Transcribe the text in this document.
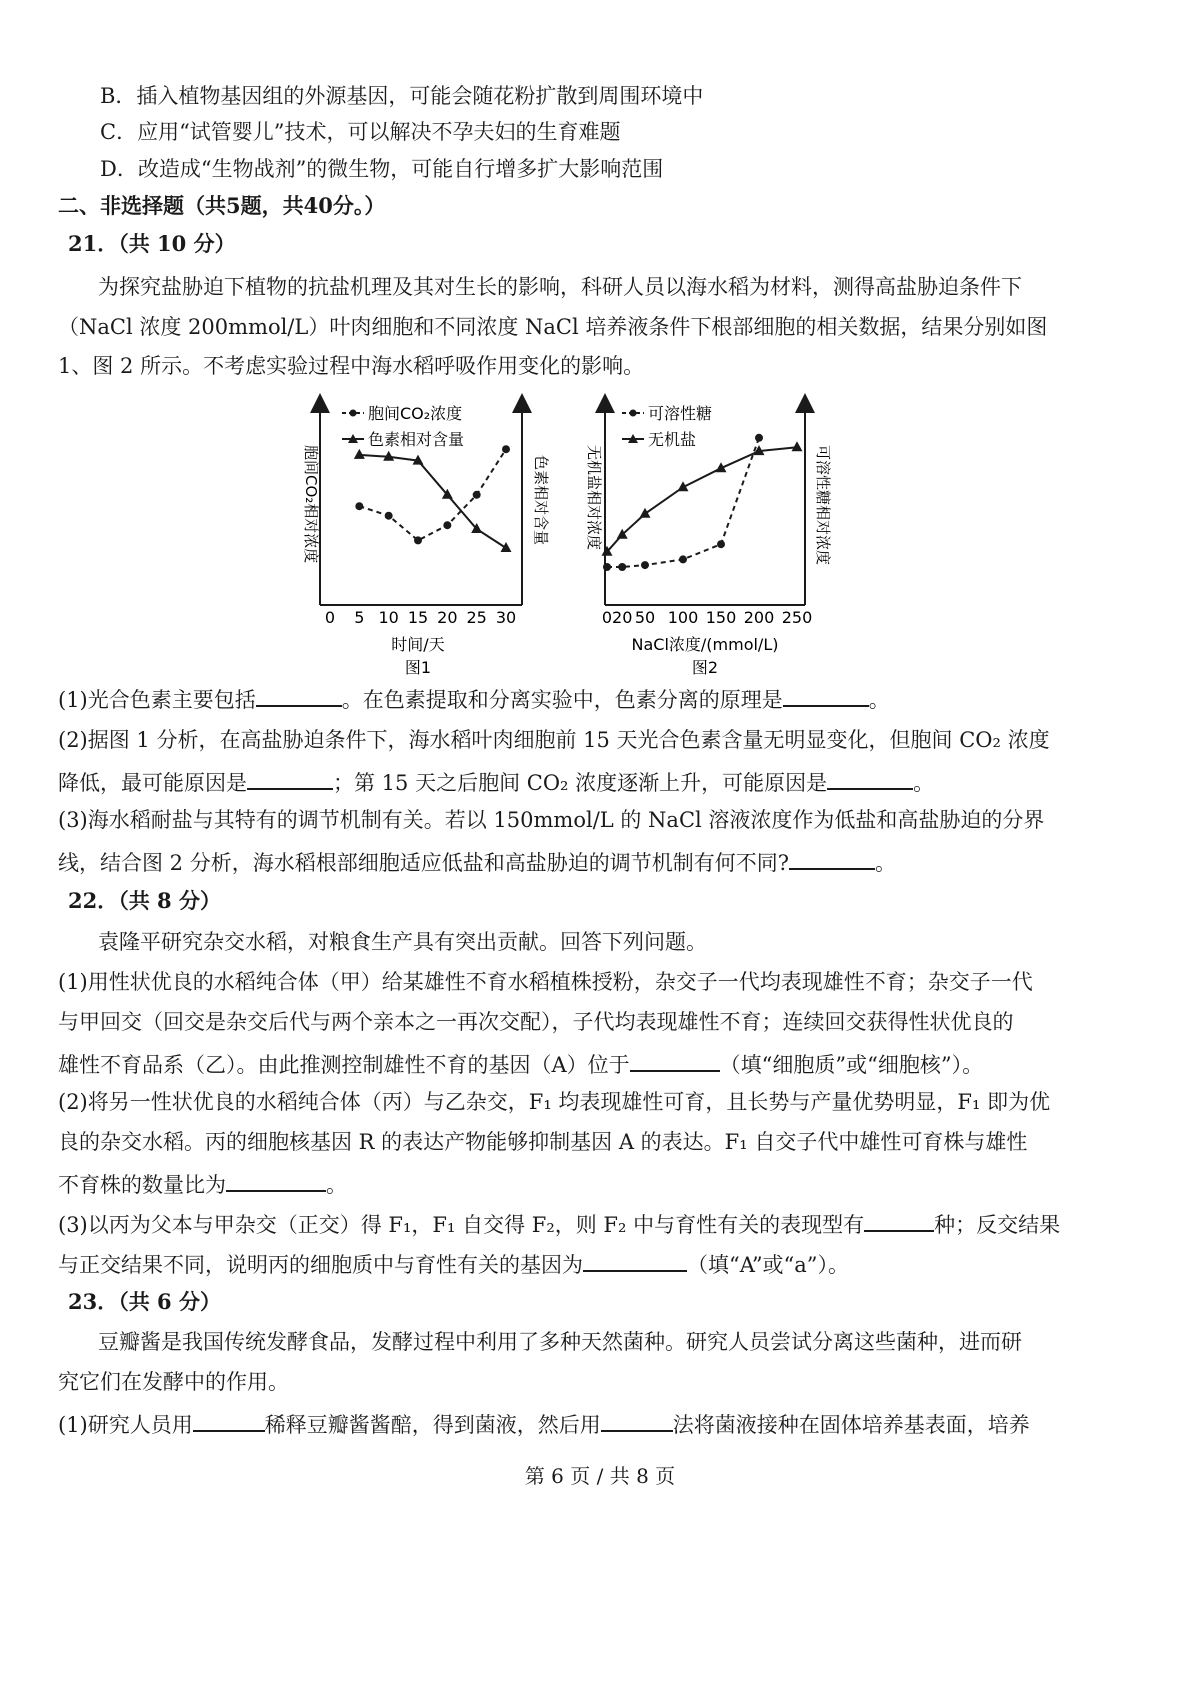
B．插入植物基因组的外源基因，可能会随花粉扩散到周围环境中
C．应用“试管婴儿”技术，可以解决不孕夫妇的生育难题
D．改造成“生物战剂”的微生物，可能自行增多扩大影响范围
二、非选择题（共5题，共40分。）
21．（共 10 分）
为探究盐胁迫下植物的抗盐机理及其对生长的影响，科研人员以海水稻为材料，测得高盐胁迫条件下
（NaCl 浓度 200mmol/L）叶肉细胞和不同浓度 NaCl 培养液条件下根部细胞的相关数据，结果分别如图
1、图 2 所示。不考虑实验过程中海水稻呼吸作用变化的影响。
0 5 10 15 20 25 30
胞间CO₂浓度
色素相对含量
0 20 50 100 150 200 250
可溶性糖
无机盐
时间/天
图1
NaCl浓度/(mmol/L)
图2
胞间CO₂相对浓度	色素相对含量 无机盐相对浓度	可溶性糖相对浓度
(1)光合色素主要包括	。在色素提取和分离实验中，色素分离的原理是	。
(2)据图 1 分析，在高盐胁迫条件下，海水稻叶肉细胞前 15 天光合色素含量无明显变化，但胞间 CO₂ 浓度
降低，最可能原因是	；第 15 天之后胞间 CO₂ 浓度逐渐上升，可能原因是	。
(3)海水稻耐盐与其特有的调节机制有关。若以 150mmol/L 的 NaCl 溶液浓度作为低盐和高盐胁迫的分界
线，结合图 2 分析，海水稻根部细胞适应低盐和高盐胁迫的调节机制有何不同?	。
22．（共 8 分）
袁隆平研究杂交水稻，对粮食生产具有突出贡献。回答下列问题。
(1)用性状优良的水稻纯合体（甲）给某雄性不育水稻植株授粉，杂交子一代均表现雄性不育；杂交子一代
与甲回交（回交是杂交后代与两个亲本之一再次交配），子代均表现雄性不育；连续回交获得性状优良的
雄性不育品系（乙）。由此推测控制雄性不育的基因（A）位于	（填“细胞质”或“细胞核”）。
(2)将另一性状优良的水稻纯合体（丙）与乙杂交，F₁ 均表现雄性可育，且长势与产量优势明显，F₁ 即为优
良的杂交水稻。丙的细胞核基因 R 的表达产物能够抑制基因 A 的表达。F₁ 自交子代中雄性可育株与雄性
不育株的数量比为	。
(3)以丙为父本与甲杂交（正交）得 F₁，F₁ 自交得 F₂，则 F₂ 中与育性有关的表现型有	种；反交结果
与正交结果不同，说明丙的细胞质中与育性有关的基因为	（填“A”或“a”）。
23．（共 6 分）
豆瓣酱是我国传统发酵食品，发酵过程中利用了多种天然菌种。研究人员尝试分离这些菌种，进而研
究它们在发酵中的作用。
(1)研究人员用	稀释豆瓣酱酱醅，得到菌液，然后用	法将菌液接种在固体培养基表面，培养
第 6 页 / 共 8 页
